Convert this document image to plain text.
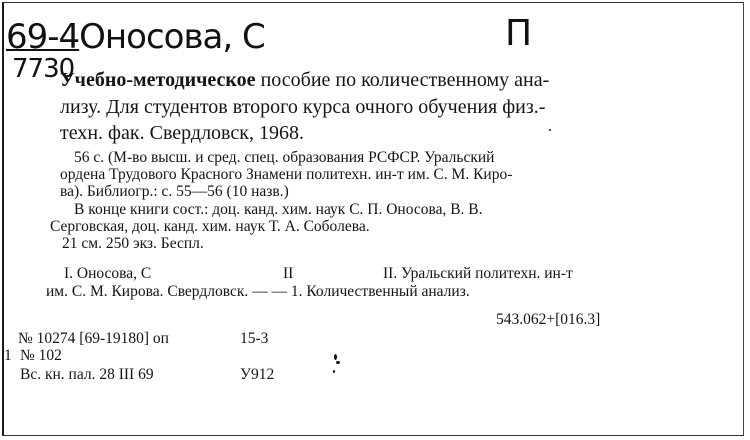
69-4Оносова, С
7730
П
Учебно-методическое пособие по количественному ана-
лизу. Для студентов второго курса очного обучения физ.-
техн. фак. Свердловск, 1968.
56 с. (М-во высш. и сред. спец. образования РСФСР. Уральский
ордена Трудового Красного Знамени политехн. ин-т им. С. М. Киро-
ва). Библиогр.: с. 55—56 (10 назв.)
В конце книги сост.: доц. канд. хим. наук С. П. Оносова, В. В.
Серговская, доц. канд. хим. наук Т. А. Соболева.
21 см. 250 экз. Беспл.
I. Оносова, С	II	II. Уральский политехн. ин-т
им. С. М. Кирова. Свердловск. — — 1. Количественный анализ.
543.062+[016.3]
№ 10274 [69-19180] оп	15-3
1 № 102
Вс. кн. пал. 28 III 69	У912
